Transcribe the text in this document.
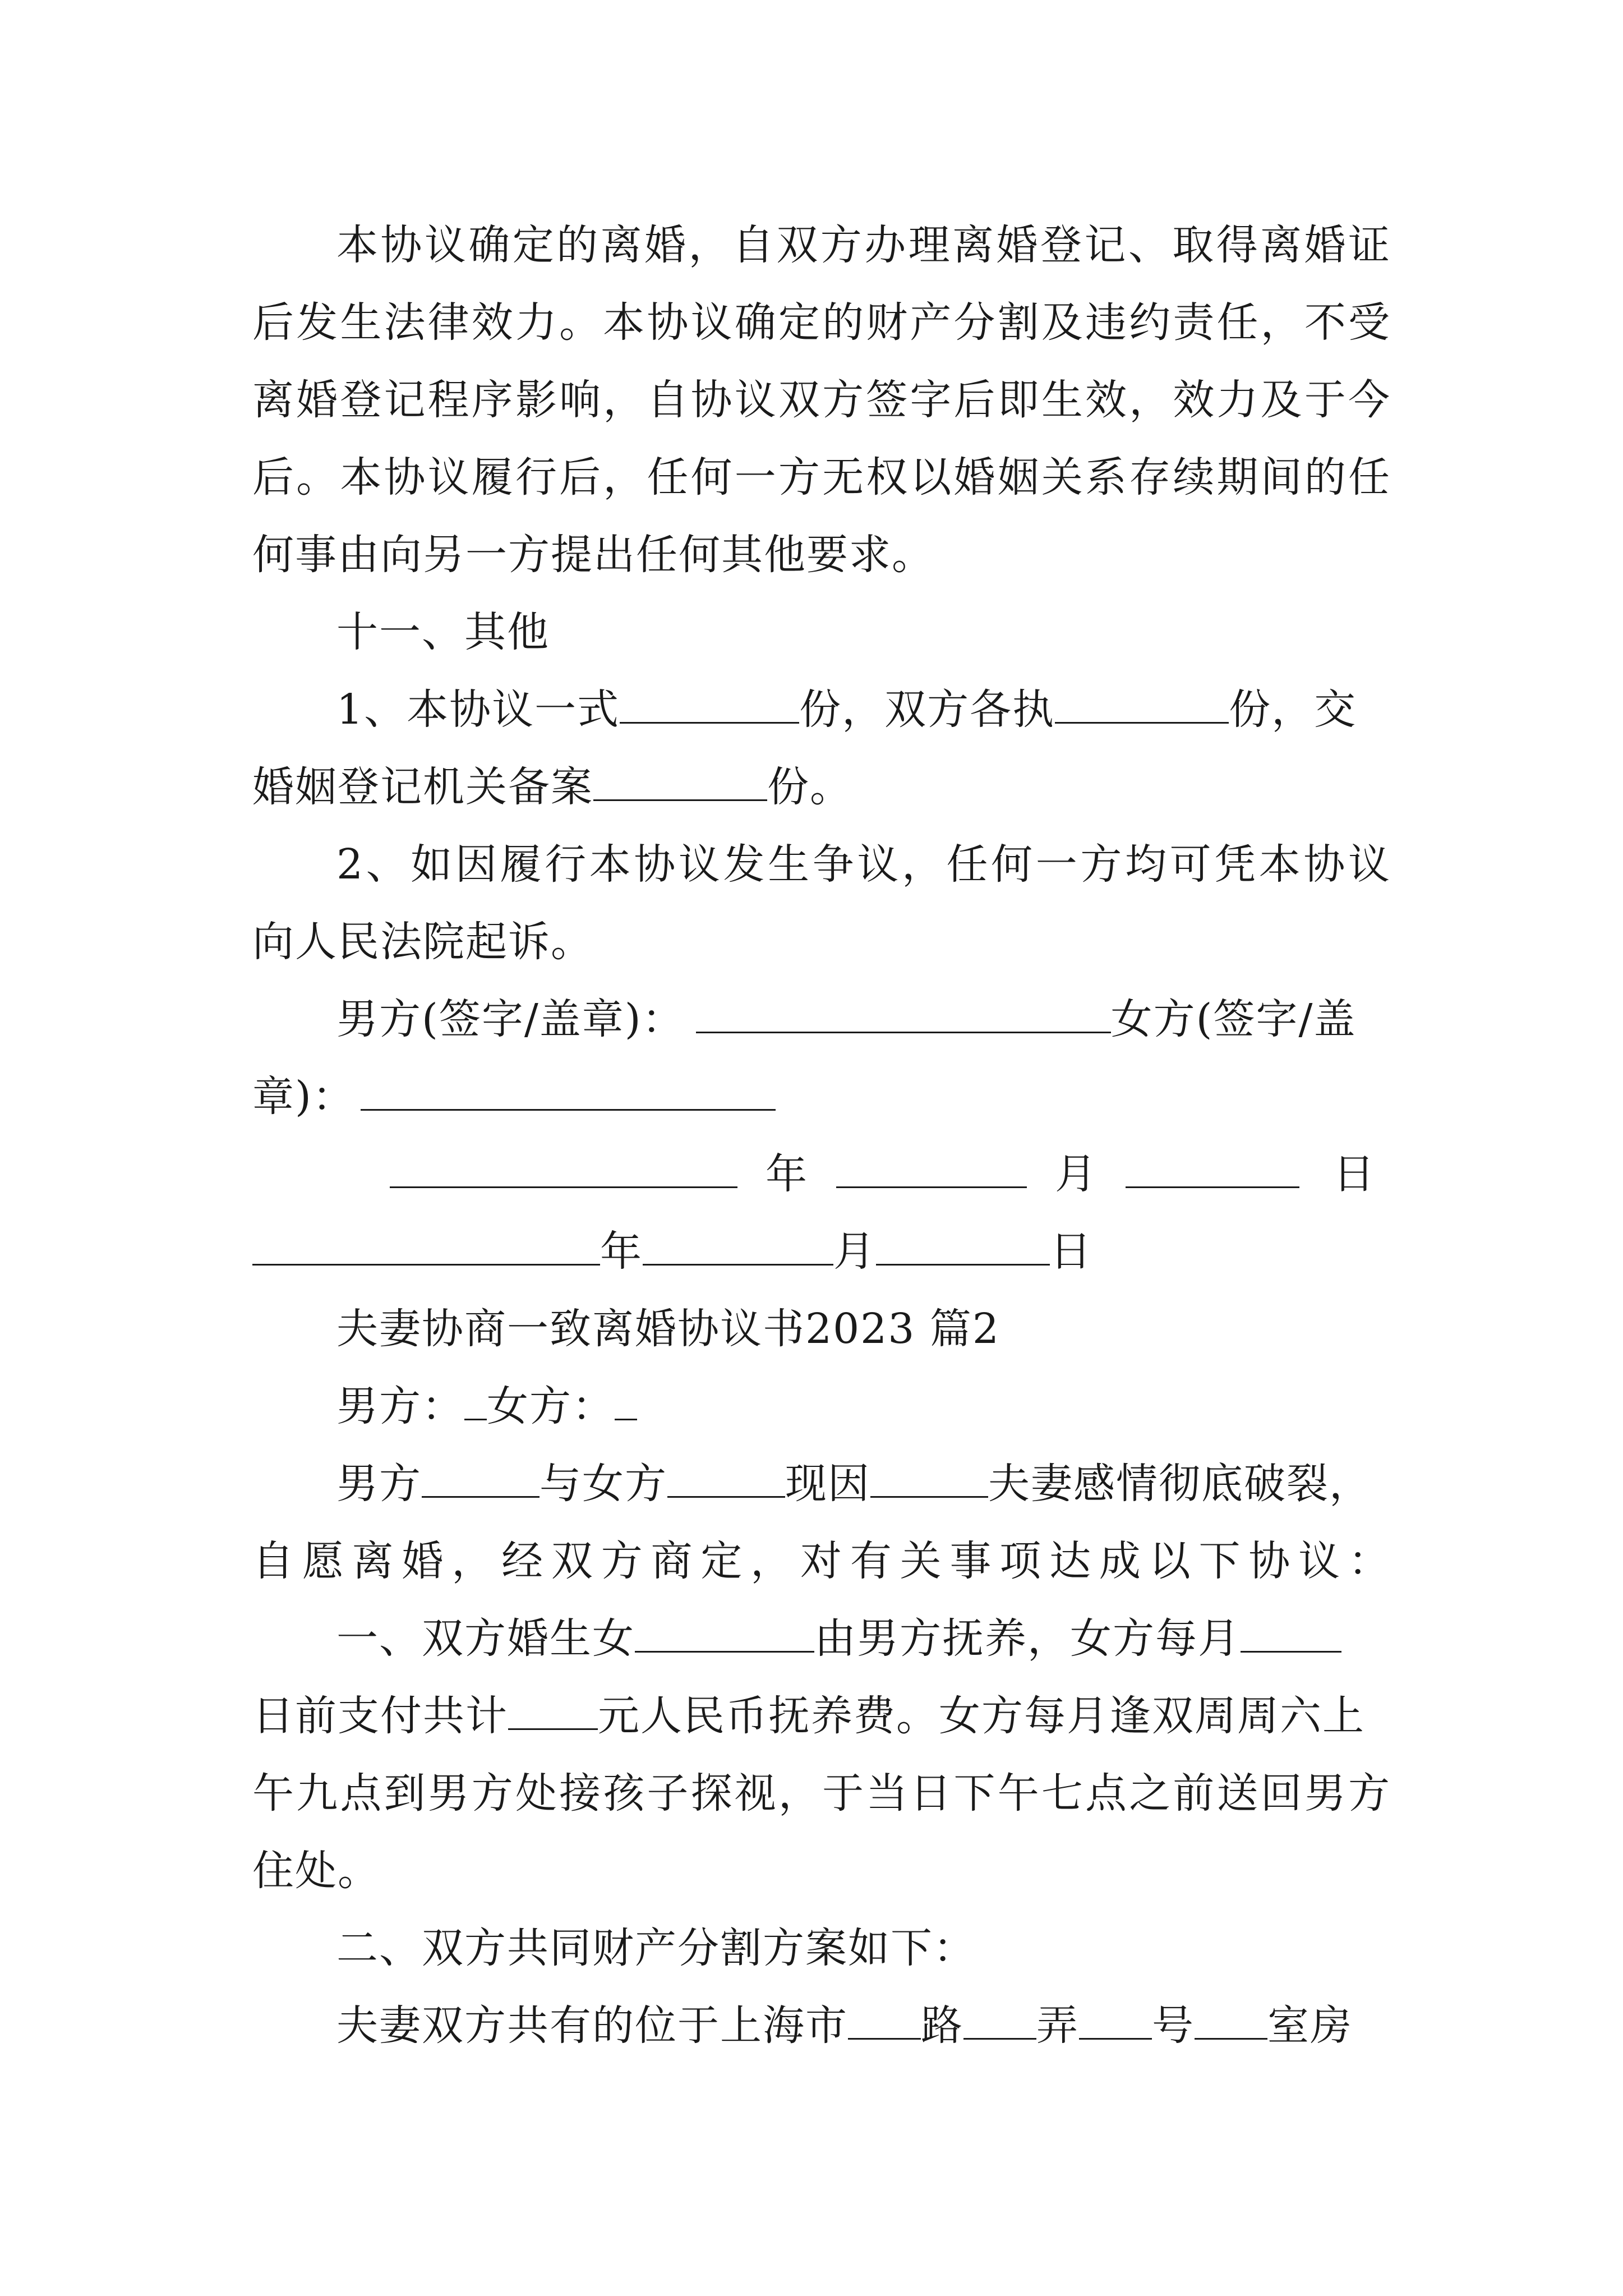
本协议确定的离婚，自双方办理离婚登记、取得离婚证
后发生法律效力。本协议确定的财产分割及违约责任，不受
离婚登记程序影响，自协议双方签字后即生效，效力及于今
后。本协议履行后，任何一方无权以婚姻关系存续期间的任
何事由向另一方提出任何其他要求。
十一、其他
1、本协议一式	份，双方各执	份，交
婚姻登记机关备案	份。
2、如因履行本协议发生争议，任何一方均可凭本协议
向人民法院起诉。
男方(签字/盖章)：	女方(签字/盖
章)：
年	月	日
年	月	日
夫妻协商一致离婚协议书2023 篇2
男方： 女方：
男方	与女方	现因	夫妻感情彻底破裂，
自愿离婚，经双方商定，对有关事项达成以下协议：
一、双方婚生女	由男方抚养，女方每月
日前支付共计 元人民币抚养费。女方每月逢双周周六上
午九点到男方处接孩子探视，于当日下午七点之前送回男方
住处。
二、双方共同财产分割方案如下：
夫妻双方共有的位于上海市 路 弄 号 室房
